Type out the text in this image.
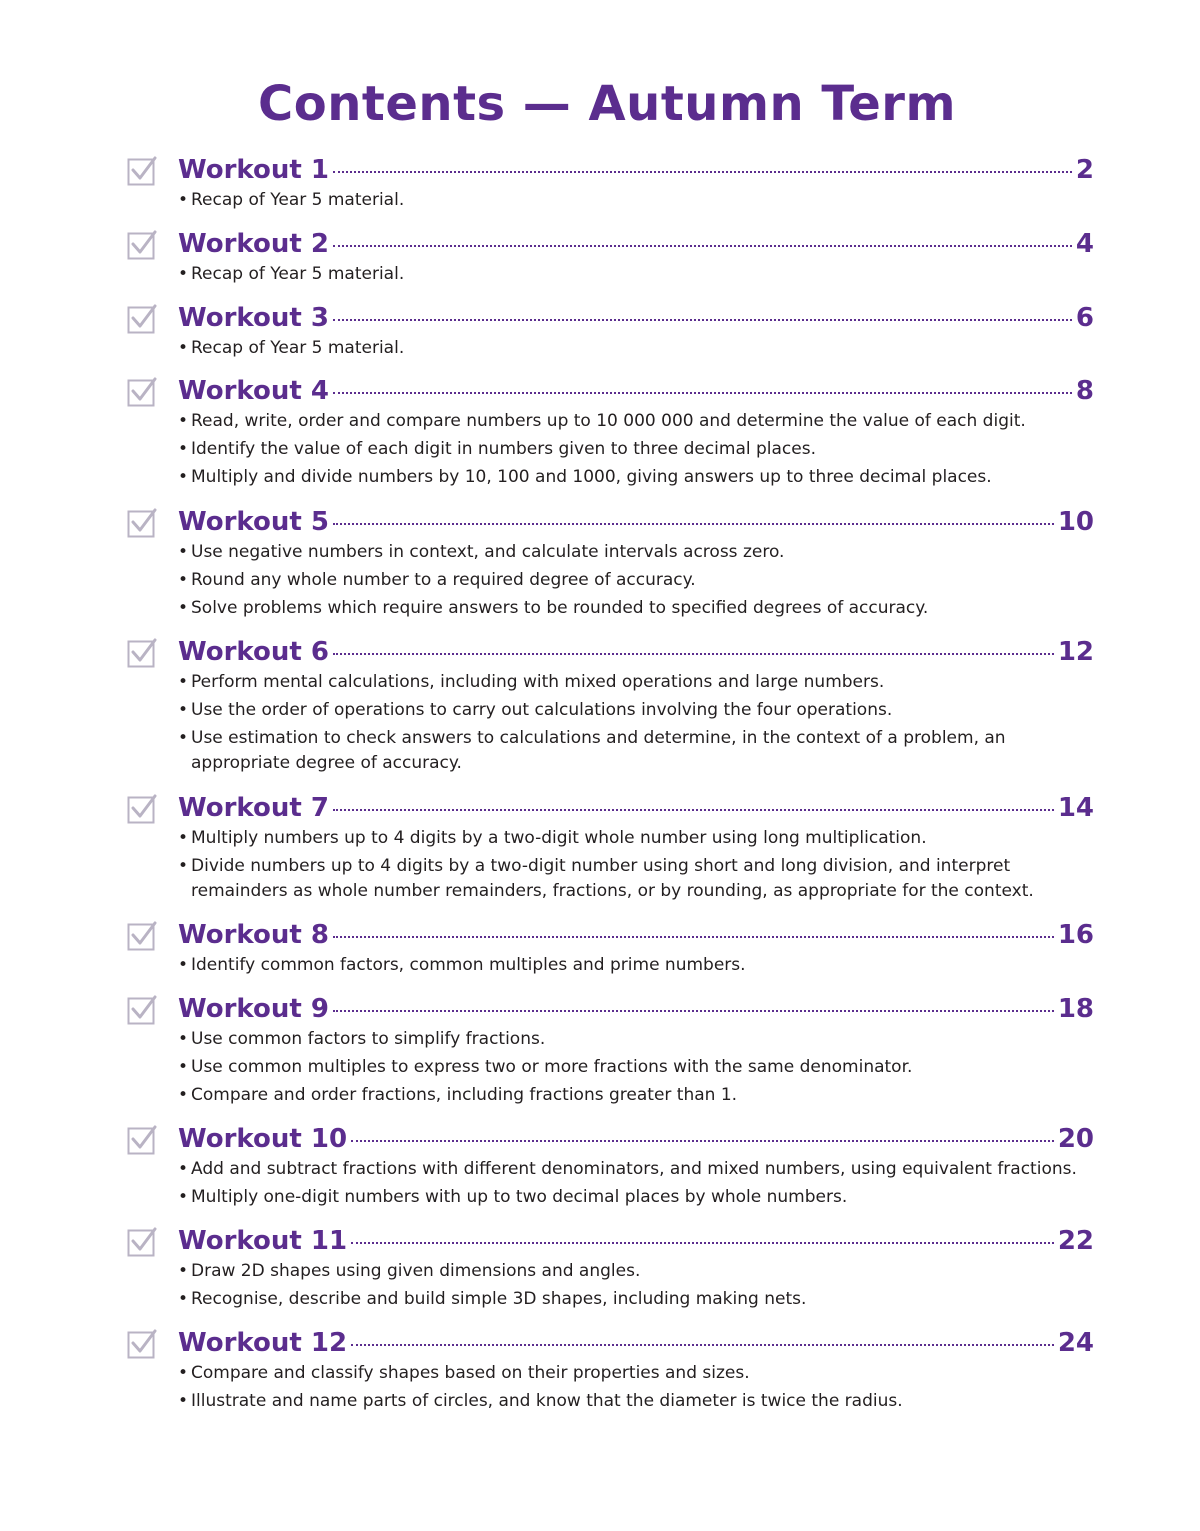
Contents — Autumn Term
Workout 1	2
• Recap of Year 5 material.
Workout 2	4
• Recap of Year 5 material.
Workout 3	6
• Recap of Year 5 material.
Workout 4	8
• Read, write, order and compare numbers up to 10 000 000 and determine the value of each digit.
• Identify the value of each digit in numbers given to three decimal places.
• Multiply and divide numbers by 10, 100 and 1000, giving answers up to three decimal places.
Workout 5	10
• Use negative numbers in context, and calculate intervals across zero.
• Round any whole number to a required degree of accuracy.
• Solve problems which require answers to be rounded to specified degrees of accuracy.
Workout 6	12
• Perform mental calculations, including with mixed operations and large numbers.
• Use the order of operations to carry out calculations involving the four operations.
• Use estimation to check answers to calculations and determine, in the context of a problem, an appropriate degree of accuracy.
Workout 7	14
• Multiply numbers up to 4 digits by a two-digit whole number using long multiplication.
• Divide numbers up to 4 digits by a two-digit number using short and long division, and interpret remainders as whole number remainders, fractions, or by rounding, as appropriate for the context.
Workout 8	16
• Identify common factors, common multiples and prime numbers.
Workout 9	18
• Use common factors to simplify fractions.
• Use common multiples to express two or more fractions with the same denominator.
• Compare and order fractions, including fractions greater than 1.
Workout 10	20
• Add and subtract fractions with different denominators, and mixed numbers, using equivalent fractions.
• Multiply one-digit numbers with up to two decimal places by whole numbers.
Workout 11	22
• Draw 2D shapes using given dimensions and angles.
• Recognise, describe and build simple 3D shapes, including making nets.
Workout 12	24
• Compare and classify shapes based on their properties and sizes.
• Illustrate and name parts of circles, and know that the diameter is twice the radius.
